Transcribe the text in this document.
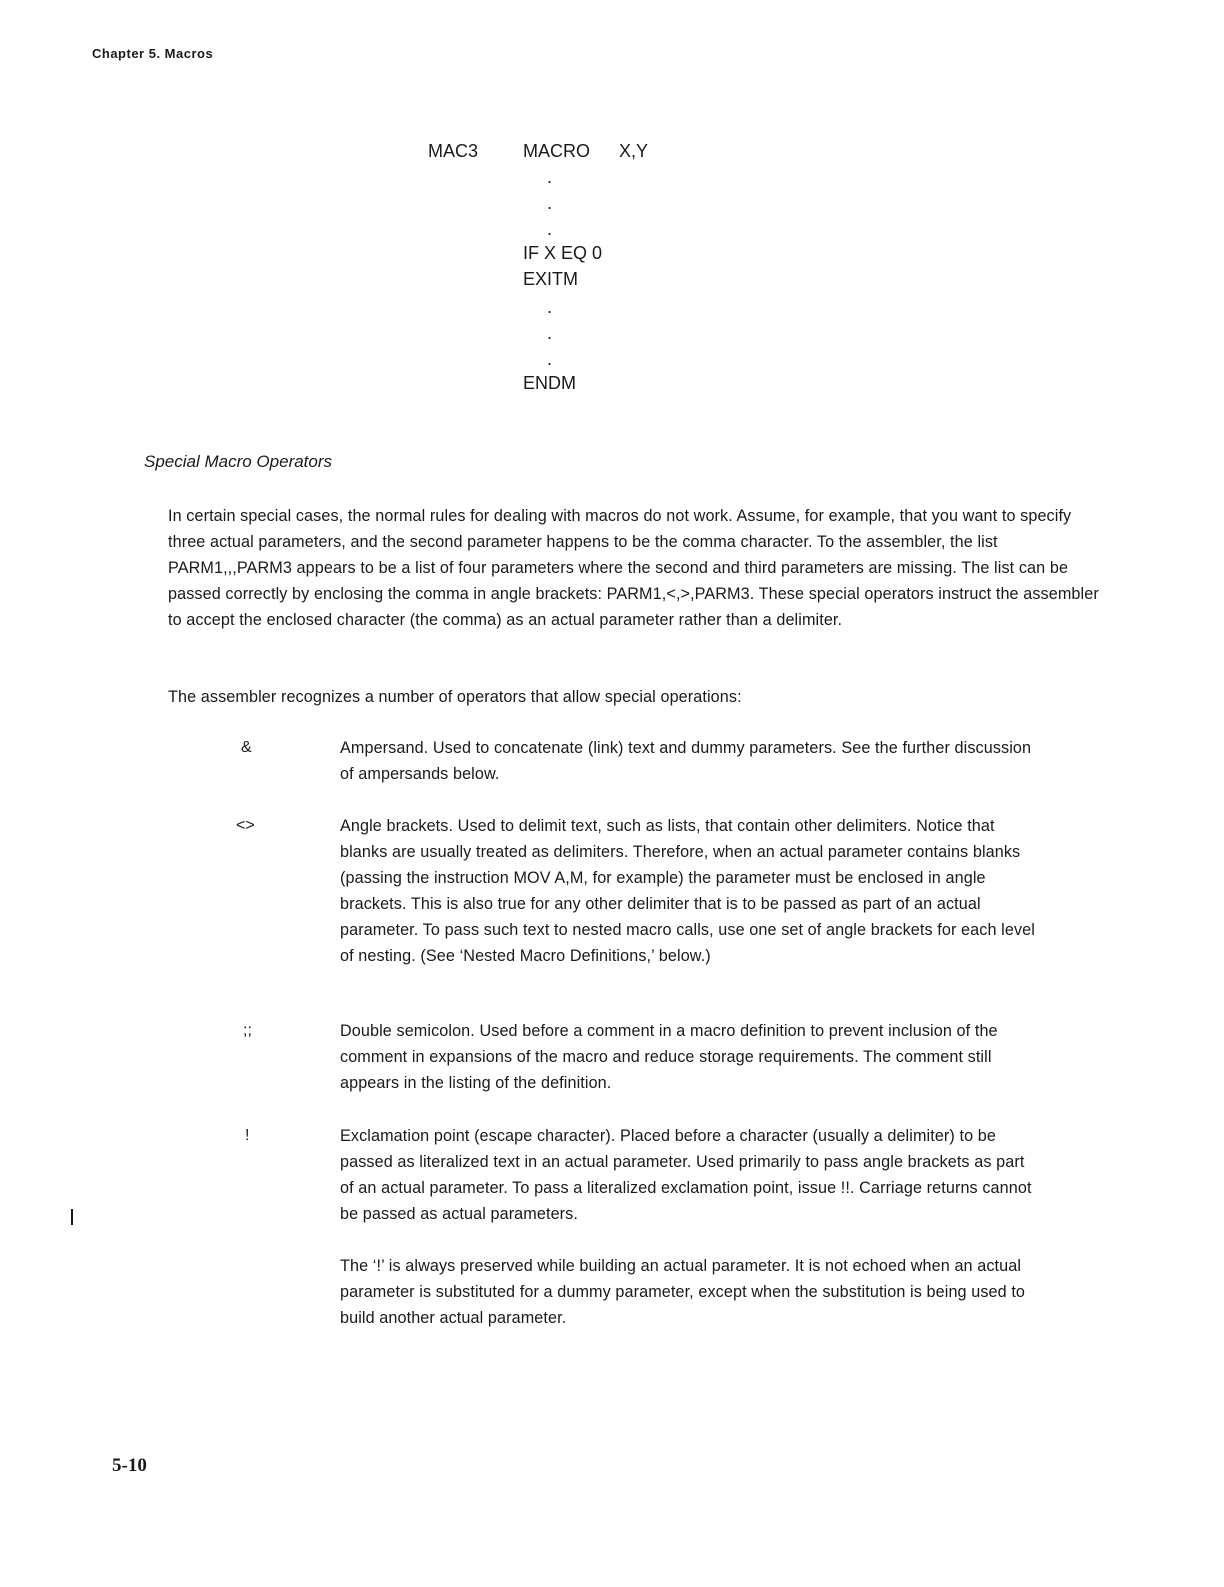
Chapter 5. Macros
MAC3 MACRO X,Y
.
.
.
IF X EQ 0
EXITM
.
.
.
ENDM
Special Macro Operators
In certain special cases, the normal rules for dealing with macros do not work. Assume, for example, that you want to specify three actual parameters, and the second parameter happens to be the comma character. To the assembler, the list PARM1,,,PARM3 appears to be a list of four parameters where the second and third parameters are missing. The list can be passed correctly by enclosing the comma in angle brackets: PARM1,<,>,PARM3. These special operators instruct the assembler to accept the enclosed character (the comma) as an actual parameter rather than a delimiter.
The assembler recognizes a number of operators that allow special operations:
&	Ampersand. Used to concatenate (link) text and dummy parameters. See the further discussion of ampersands below.
<>	Angle brackets. Used to delimit text, such as lists, that contain other delimiters. Notice that blanks are usually treated as delimiters. Therefore, when an actual parameter contains blanks (passing the instruction MOV A,M, for example) the parameter must be enclosed in angle brackets. This is also true for any other delimiter that is to be passed as part of an actual parameter. To pass such text to nested macro calls, use one set of angle brackets for each level of nesting. (See ‘Nested Macro Definitions,’ below.)
;;	Double semicolon. Used before a comment in a macro definition to prevent inclusion of the comment in expansions of the macro and reduce storage requirements. The comment still appears in the listing of the definition.
!	Exclamation point (escape character). Placed before a character (usually a delimiter) to be passed as literalized text in an actual parameter. Used primarily to pass angle brackets as part of an actual parameter. To pass a literalized exclamation point, issue !!. Carriage returns cannot be passed as actual parameters.
The ‘!’ is always preserved while building an actual parameter. It is not echoed when an actual parameter is substituted for a dummy parameter, except when the substitution is being used to build another actual parameter.
5-10
